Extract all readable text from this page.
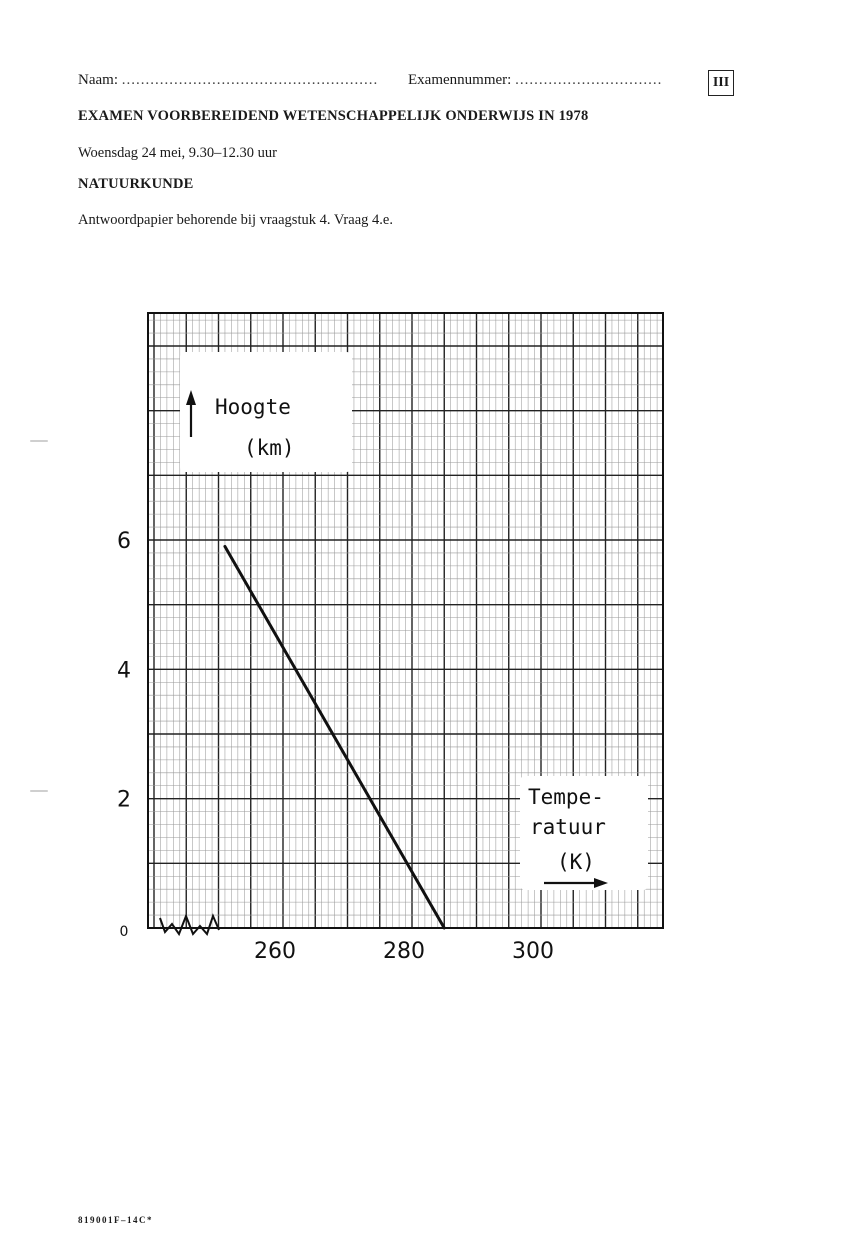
Naam: ...................................................... Examennummer: ...............................	III
EXAMEN VOORBEREIDEND WETENSCHAPPELIJK ONDERWIJS IN 1978
Woensdag 24 mei, 9.30–12.30 uur
NATUURKUNDE
Antwoordpapier behorende bij vraagstuk 4. Vraag 4.e.
Hoogte
(km)
Tempe-
ratuur
(K)
0
2
4
6
260	280	300
819001F–14C*
